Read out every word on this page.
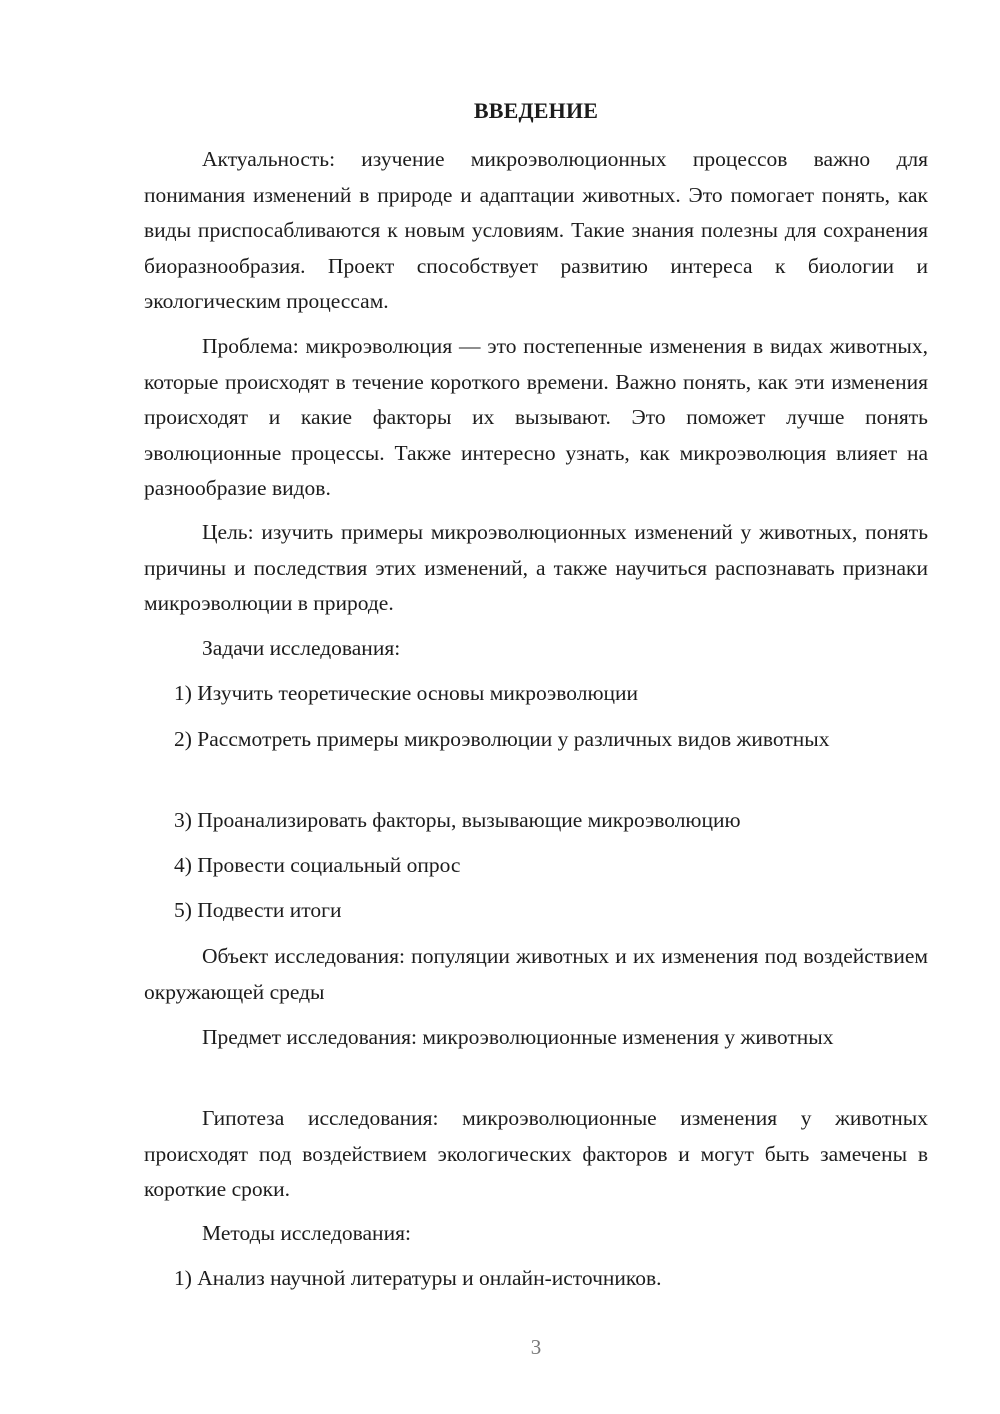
ВВЕДЕНИЕ

Актуальность: изучение микроэволюционных процессов важно для понимания изменений в природе и адаптации животных. Это помогает понять, как виды приспосабливаются к новым условиям. Такие знания полезны для сохранения биоразнообразия. Проект способствует развитию интереса к биологии и экологическим процессам.

Проблема: микроэволюция — это постепенные изменения в видах животных, которые происходят в течение короткого времени. Важно понять, как эти изменения происходят и какие факторы их вызывают. Это поможет лучше понять эволюционные процессы. Также интересно узнать, как микроэволюция влияет на разнообразие видов.

Цель: изучить примеры микроэволюционных изменений у животных, понять причины и последствия этих изменений, а также научиться распознавать признаки микроэволюции в природе.

Задачи исследования:

1) Изучить теоретические основы микроэволюции

2) Рассмотреть примеры микроэволюции у различных видов животных

3) Проанализировать факторы, вызывающие микроэволюцию

4) Провести социальный опрос

5) Подвести итоги

Объект исследования: популяции животных и их изменения под воздействием окружающей среды

Предмет исследования: микроэволюционные изменения у животных

Гипотеза исследования: микроэволюционные изменения у животных происходят под воздействием экологических факторов и могут быть замечены в короткие сроки.

Методы исследования:

1) Анализ научной литературы и онлайн-источников.

3
